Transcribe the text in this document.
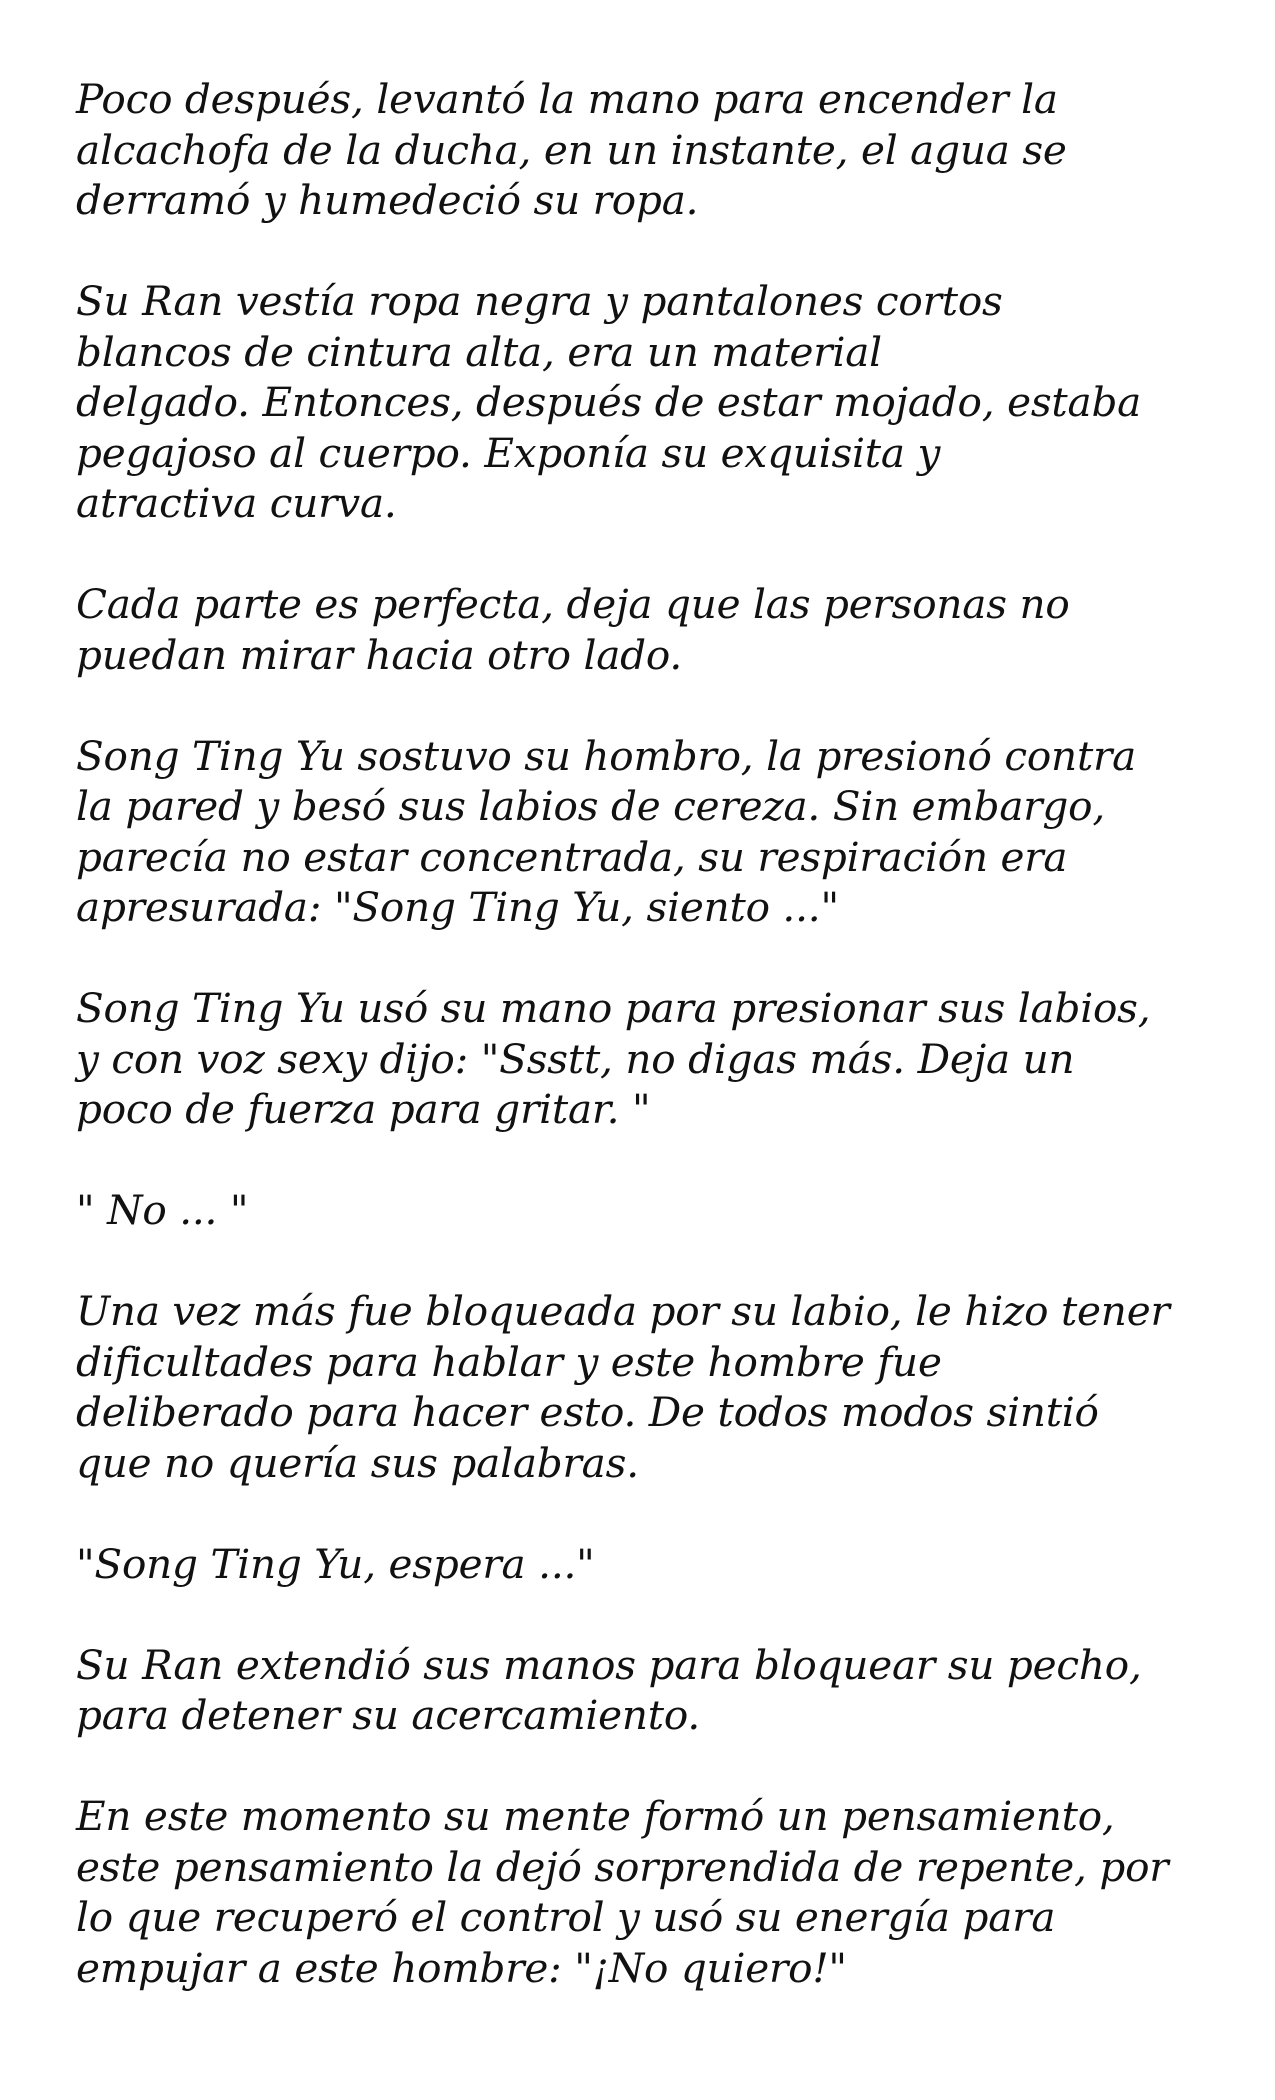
Poco después, levantó la mano para encender la
alcachofa de la ducha, en un instante, el agua se
derramó y humedeció su ropa.

Su Ran vestía ropa negra y pantalones cortos
blancos de cintura alta, era un material
delgado. Entonces, después de estar mojado, estaba
pegajoso al cuerpo. Exponía su exquisita y
atractiva curva.

Cada parte es perfecta, deja que las personas no
puedan mirar hacia otro lado.

Song Ting Yu sostuvo su hombro, la presionó contra
la pared y besó sus labios de cereza. Sin embargo,
parecía no estar concentrada, su respiración era
apresurada: "Song Ting Yu, siento ..."

Song Ting Yu usó su mano para presionar sus labios,
y con voz sexy dijo: "Ssstt, no digas más. Deja un
poco de fuerza para gritar. "

" No ... "

Una vez más fue bloqueada por su labio, le hizo tener
dificultades para hablar y este hombre fue
deliberado para hacer esto. De todos modos sintió
que no quería sus palabras.

"Song Ting Yu, espera ..."

Su Ran extendió sus manos para bloquear su pecho,
para detener su acercamiento.

En este momento su mente formó un pensamiento,
este pensamiento la dejó sorprendida de repente, por
lo que recuperó el control y usó su energía para
empujar a este hombre: "¡No quiero!"
